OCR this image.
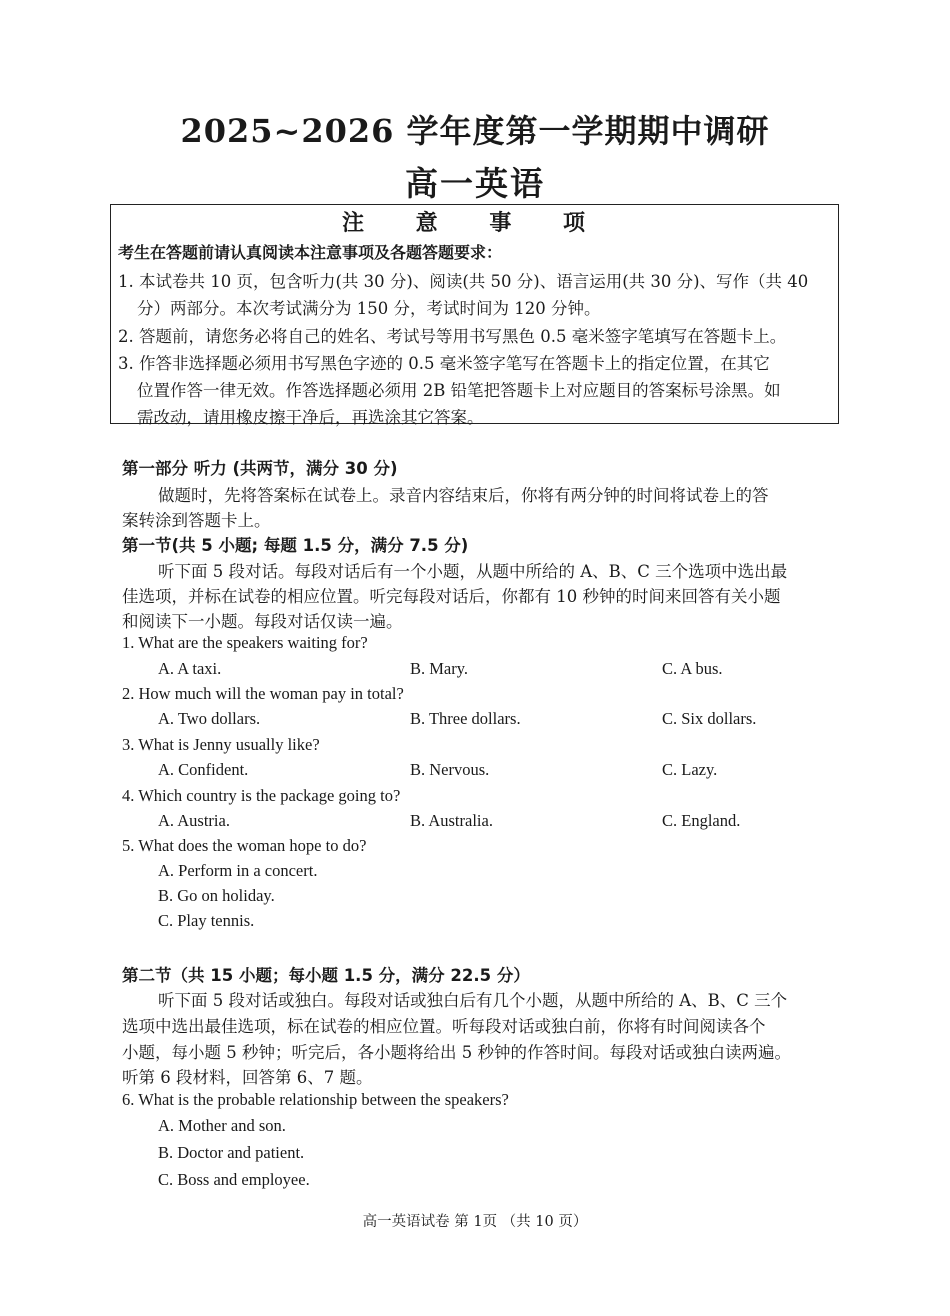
2025~2026 学年度第一学期期中调研
高一英语
注 意 事 项
考生在答题前请认真阅读本注意事项及各题答题要求：
1. 本试卷共 10 页，包含听力(共 30 分)、阅读(共 50 分)、语言运用(共 30 分)、写作（共 40
分）两部分。本次考试满分为 150 分，考试时间为 120 分钟。
2. 答题前，请您务必将自己的姓名、考试号等用书写黑色 0.5 毫米签字笔填写在答题卡上。
3. 作答非选择题必须用书写黑色字迹的 0.5 毫米签字笔写在答题卡上的指定位置，在其它
位置作答一律无效。作答选择题必须用 2B 铅笔把答题卡上对应题目的答案标号涂黑。如
需改动，请用橡皮擦干净后，再选涂其它答案。
第一部分 听力 (共两节，满分 30 分)
做题时，先将答案标在试卷上。录音内容结束后，你将有两分钟的时间将试卷上的答
案转涂到答题卡上。
第一节(共 5 小题; 每题 1.5 分，满分 7.5 分)
听下面 5 段对话。每段对话后有一个小题，从题中所给的 A、B、C 三个选项中选出最
佳选项，并标在试卷的相应位置。听完每段对话后，你都有 10 秒钟的时间来回答有关小题
和阅读下一小题。每段对话仅读一遍。
1. What are the speakers waiting for?
A. A taxi.	B. Mary.	C. A bus.
2. How much will the woman pay in total?
A. Two dollars.	B. Three dollars.	C. Six dollars.
3. What is Jenny usually like?
A. Confident.	B. Nervous.	C. Lazy.
4. Which country is the package going to?
A. Austria.	B. Australia.	C. England.
5. What does the woman hope to do?
A. Perform in a concert.
B. Go on holiday.
C. Play tennis.
第二节（共 15 小题；每小题 1.5 分，满分 22.5 分）
听下面 5 段对话或独白。每段对话或独白后有几个小题，从题中所给的 A、B、C 三个
选项中选出最佳选项，标在试卷的相应位置。听每段对话或独白前，你将有时间阅读各个
小题，每小题 5 秒钟；听完后，各小题将给出 5 秒钟的作答时间。每段对话或独白读两遍。
听第 6 段材料，回答第 6、7 题。
6. What is the probable relationship between the speakers?
A. Mother and son.
B. Doctor and patient.
C. Boss and employee.
高一英语试卷 第 1页 （共 10 页）
